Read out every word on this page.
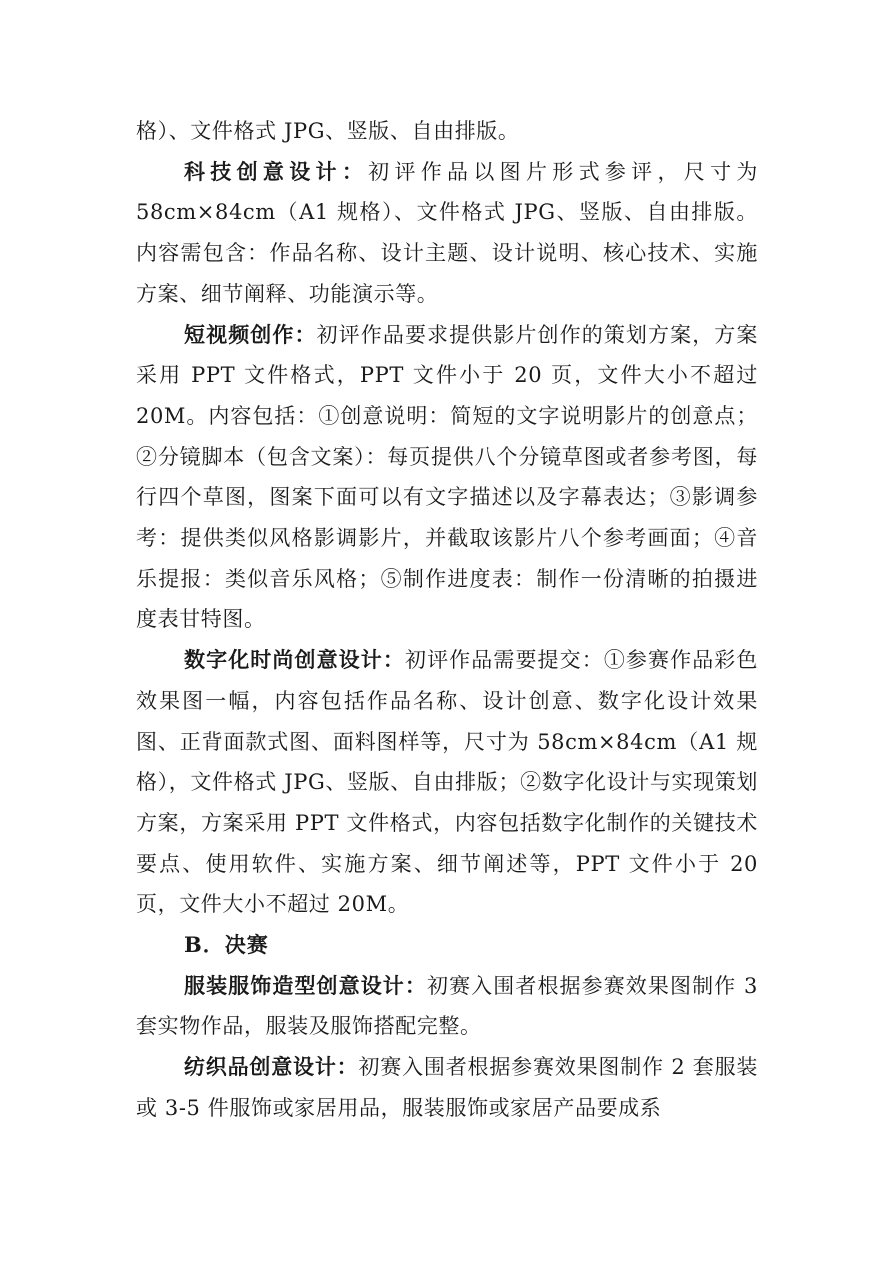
格）、文件格式 JPG、竖版、自由排版。

科技创意设计：初评作品以图片形式参评，尺寸为 58cm×84cm（A1 规格）、文件格式 JPG、竖版、自由排版。内容需包含：作品名称、设计主题、设计说明、核心技术、实施方案、细节阐释、功能演示等。

短视频创作：初评作品要求提供影片创作的策划方案，方案采用 PPT 文件格式，PPT 文件小于 20 页，文件大小不超过 20M。内容包括：①创意说明：简短的文字说明影片的创意点；②分镜脚本（包含文案）：每页提供八个分镜草图或者参考图，每行四个草图，图案下面可以有文字描述以及字幕表达；③影调参考：提供类似风格影调影片，并截取该影片八个参考画面；④音乐提报：类似音乐风格；⑤制作进度表：制作一份清晰的拍摄进度表甘特图。

数字化时尚创意设计：初评作品需要提交：①参赛作品彩色效果图一幅，内容包括作品名称、设计创意、数字化设计效果图、正背面款式图、面料图样等，尺寸为 58cm×84cm（A1 规格），文件格式 JPG、竖版、自由排版；②数字化设计与实现策划方案，方案采用 PPT 文件格式，内容包括数字化制作的关键技术要点、使用软件、实施方案、细节阐述等，PPT 文件小于 20 页，文件大小不超过 20M。

B．决赛

服装服饰造型创意设计：初赛入围者根据参赛效果图制作 3 套实物作品，服装及服饰搭配完整。

纺织品创意设计：初赛入围者根据参赛效果图制作 2 套服装或 3-5 件服饰或家居用品，服装服饰或家居产品要成系
